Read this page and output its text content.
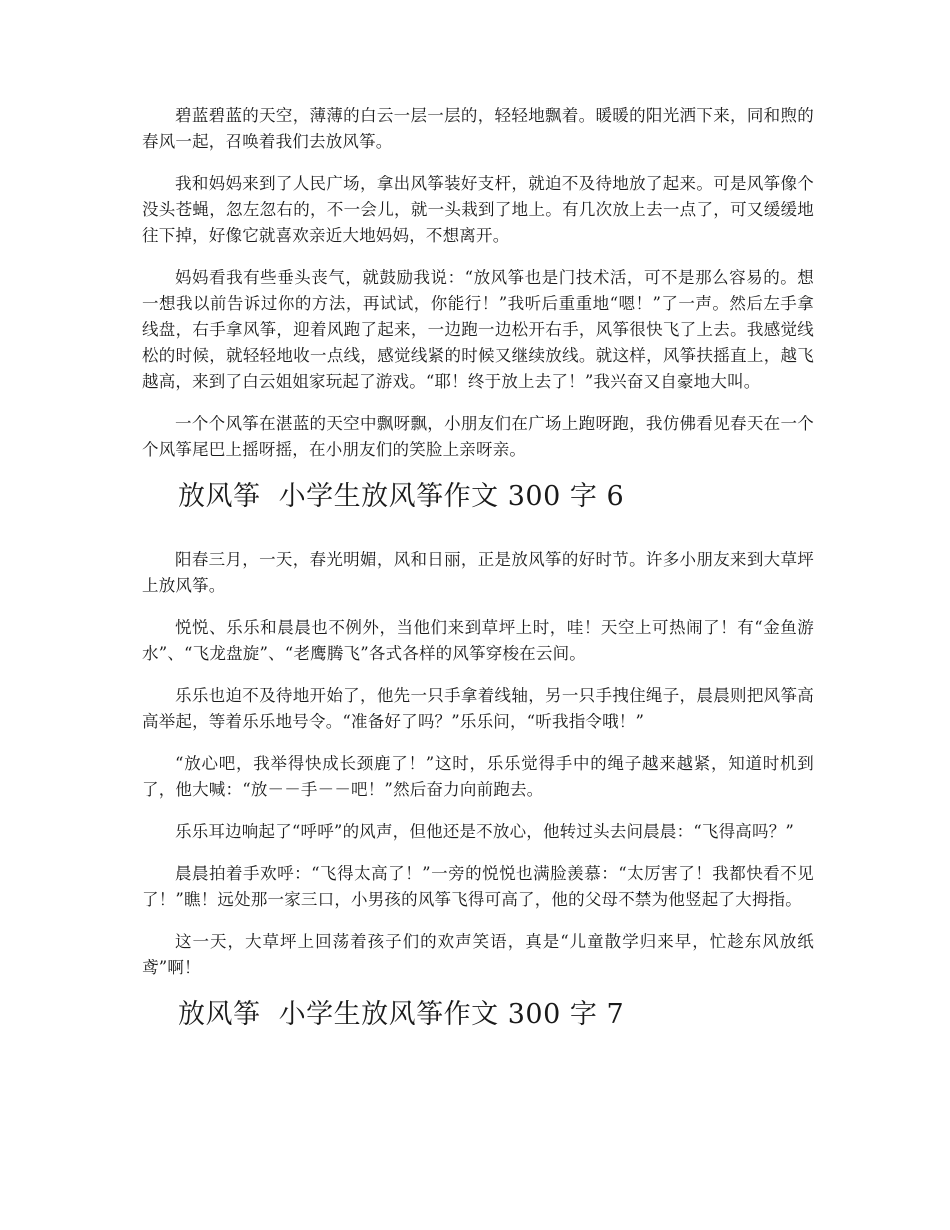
碧蓝碧蓝的天空，薄薄的白云一层一层的，轻轻地飘着。暖暖的阳光洒下来，同和煦的春风一起，召唤着我们去放风筝。

我和妈妈来到了人民广场，拿出风筝装好支杆，就迫不及待地放了起来。可是风筝像个没头苍蝇，忽左忽右的，不一会儿，就一头栽到了地上。有几次放上去一点了，可又缓缓地往下掉，好像它就喜欢亲近大地妈妈，不想离开。

妈妈看我有些垂头丧气，就鼓励我说：“放风筝也是门技术活，可不是那么容易的。想一想我以前告诉过你的方法，再试试，你能行！”我听后重重地“嗯！”了一声。然后左手拿线盘，右手拿风筝，迎着风跑了起来，一边跑一边松开右手，风筝很快飞了上去。我感觉线松的时候，就轻轻地收一点线，感觉线紧的时候又继续放线。就这样，风筝扶摇直上，越飞越高，来到了白云姐姐家玩起了游戏。“耶！终于放上去了！”我兴奋又自豪地大叫。

一个个风筝在湛蓝的天空中飘呀飘，小朋友们在广场上跑呀跑，我仿佛看见春天在一个个风筝尾巴上摇呀摇，在小朋友们的笑脸上亲呀亲。

放风筝  小学生放风筝作文 300 字 6

阳春三月，一天，春光明媚，风和日丽，正是放风筝的好时节。许多小朋友来到大草坪上放风筝。

悦悦、乐乐和晨晨也不例外，当他们来到草坪上时，哇！天空上可热闹了！有“金鱼游水”、“飞龙盘旋”、“老鹰腾飞”各式各样的风筝穿梭在云间。

乐乐也迫不及待地开始了，他先一只手拿着线轴，另一只手拽住绳子，晨晨则把风筝高高举起，等着乐乐地号令。“准备好了吗？”乐乐问，“听我指令哦！”

“放心吧，我举得快成长颈鹿了！”这时，乐乐觉得手中的绳子越来越紧，知道时机到了，他大喊：“放－－手－－吧！”然后奋力向前跑去。

乐乐耳边响起了“呼呼”的风声，但他还是不放心，他转过头去问晨晨：“飞得高吗？”

晨晨拍着手欢呼：“飞得太高了！”一旁的悦悦也满脸羡慕：“太厉害了！我都快看不见了！”瞧！远处那一家三口，小男孩的风筝飞得可高了，他的父母不禁为他竖起了大拇指。

这一天，大草坪上回荡着孩子们的欢声笑语，真是“儿童散学归来早，忙趁东风放纸鸢”啊！

放风筝  小学生放风筝作文 300 字 7
